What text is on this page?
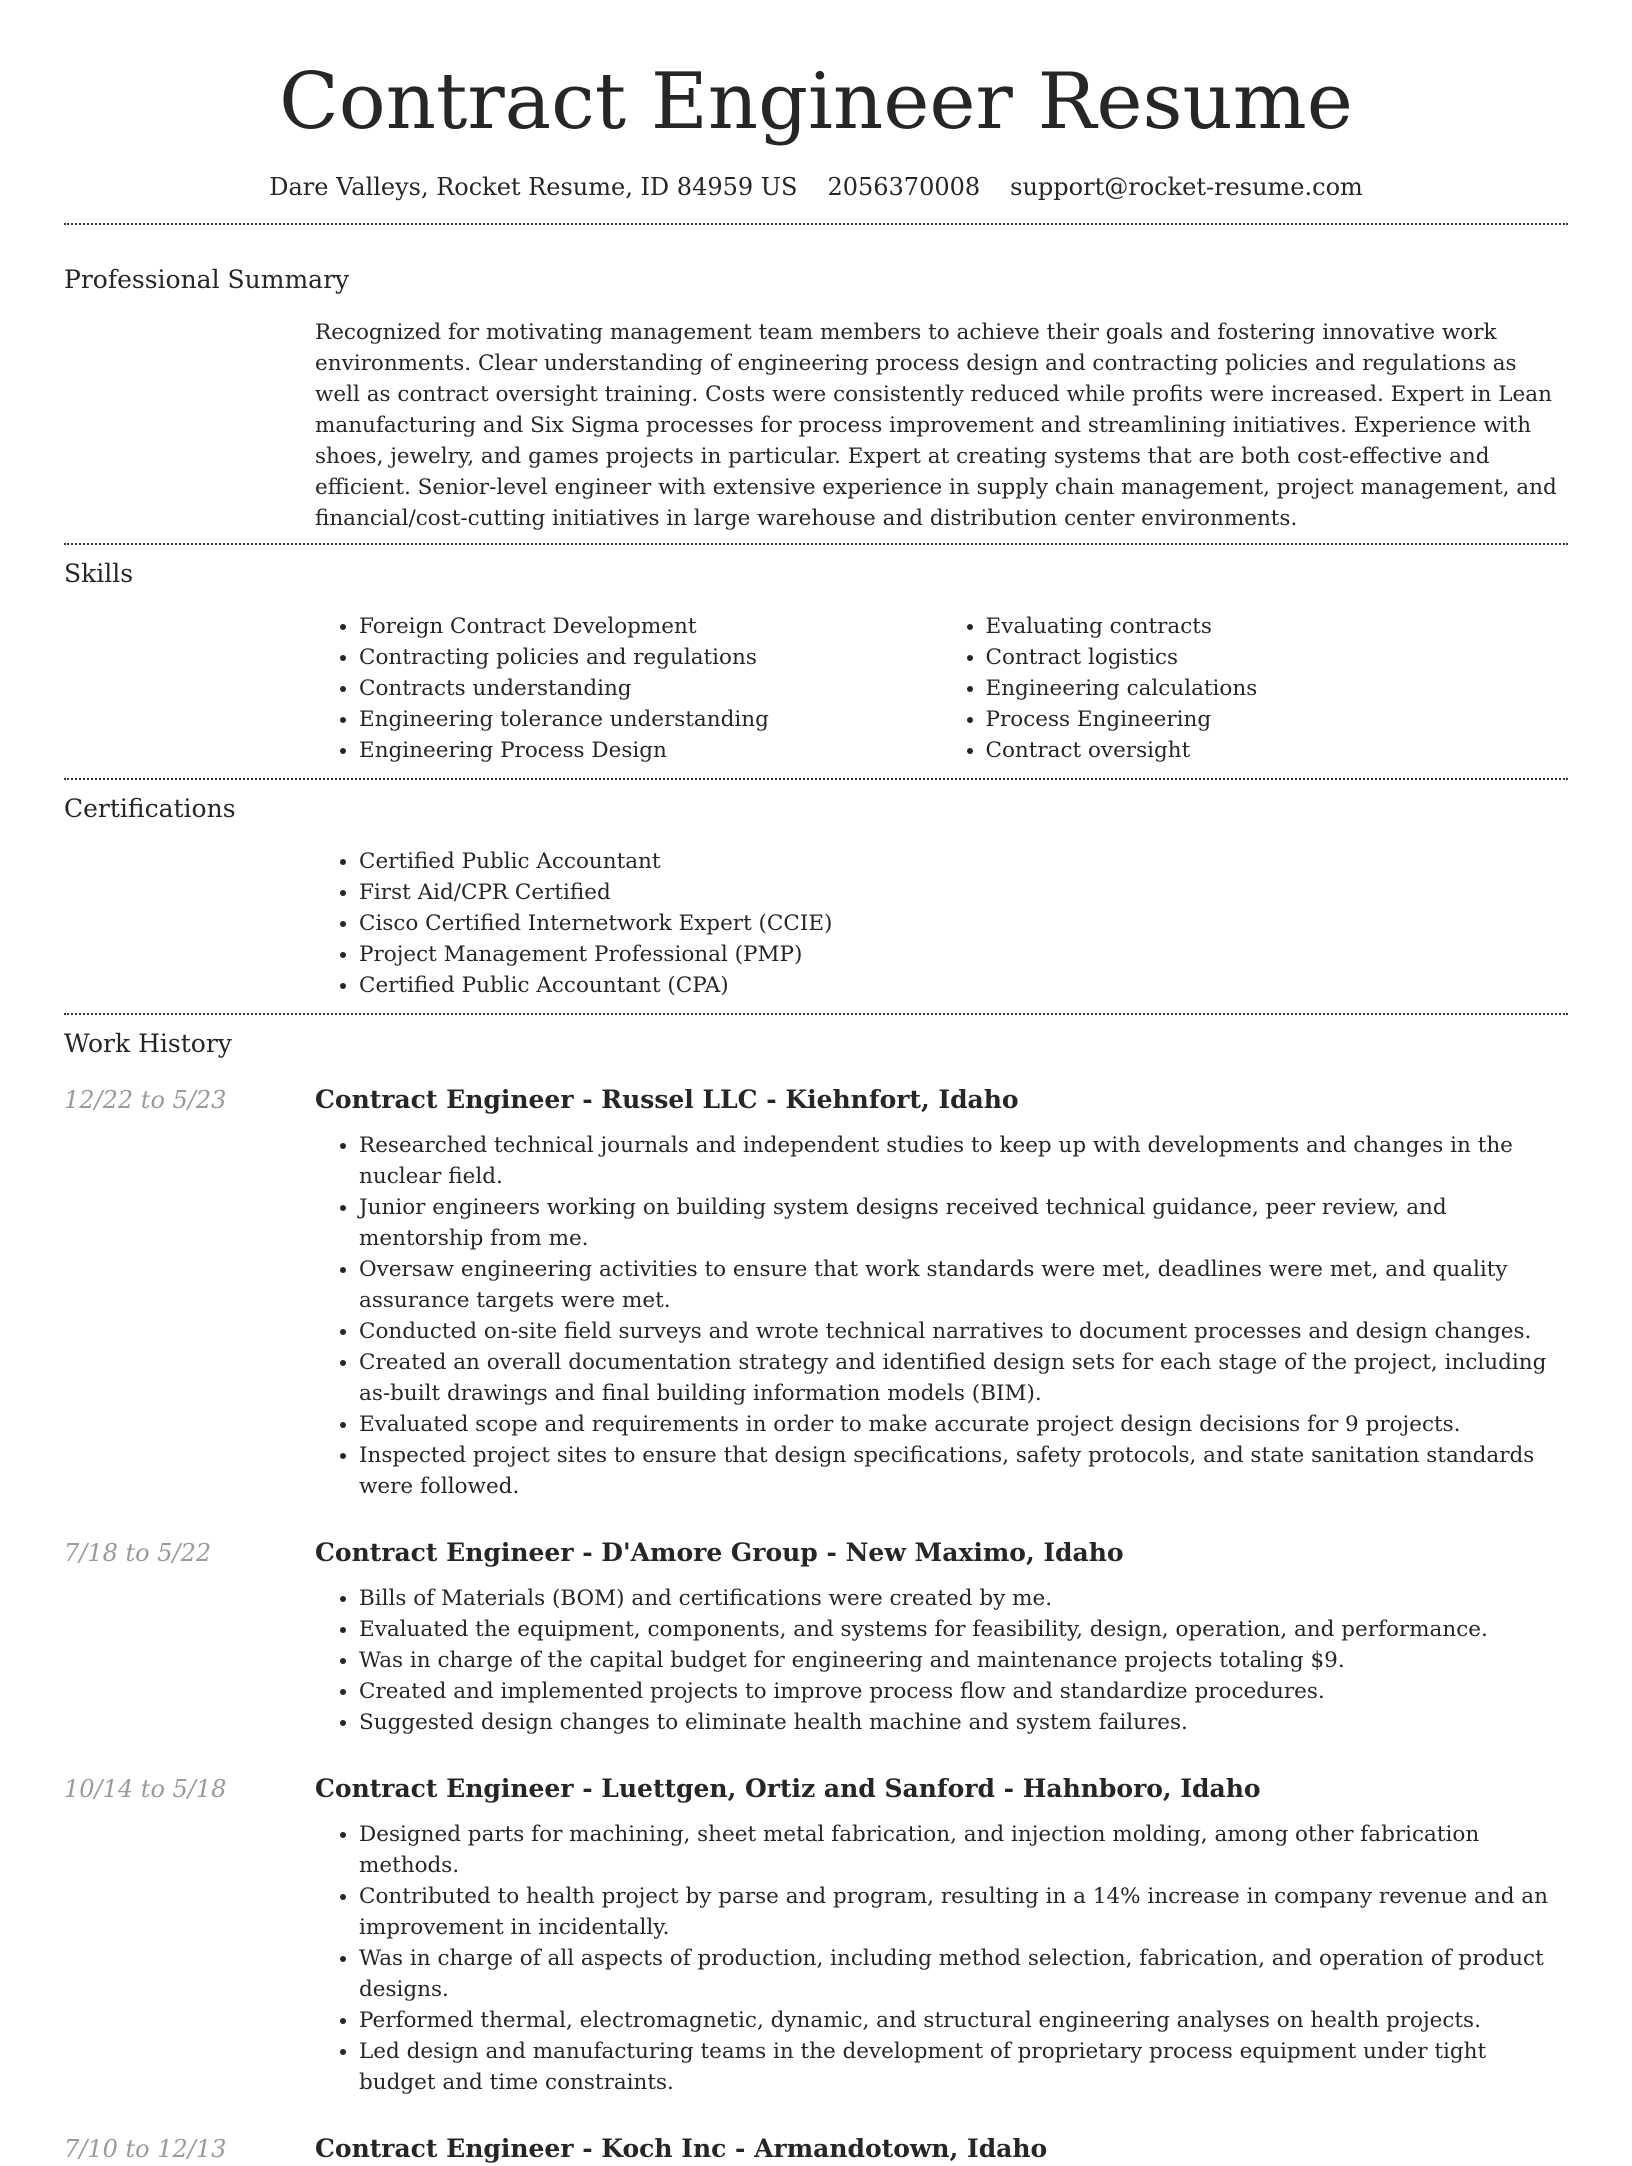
Contract Engineer Resume
Dare Valleys, Rocket Resume, ID 84959 US 2056370008 support@rocket-resume.com
Professional Summary

Recognized for motivating management team members to achieve their goals and fostering innovative work environments. Clear understanding of engineering process design and contracting policies and regulations as well as contract oversight training. Costs were consistently reduced while profits were increased. Expert in Lean manufacturing and Six Sigma processes for process improvement and streamlining initiatives. Experience with shoes, jewelry, and games projects in particular. Expert at creating systems that are both cost-effective and efficient. Senior-level engineer with extensive experience in supply chain management, project management, and financial/cost-cutting initiatives in large warehouse and distribution center environments.

Skills
• Foreign Contract Development
• Contracting policies and regulations
• Contracts understanding
• Engineering tolerance understanding
• Engineering Process Design
• Evaluating contracts
• Contract logistics
• Engineering calculations
• Process Engineering
• Contract oversight
Certifications
• Certified Public Accountant
• First Aid/CPR Certified
• Cisco Certified Internetwork Expert (CCIE)
• Project Management Professional (PMP)
• Certified Public Accountant (CPA)
Work History
12/22 to 5/23	Contract Engineer - Russel LLC - Kiehnfort, Idaho
• Researched technical journals and independent studies to keep up with developments and changes in the nuclear field.
• Junior engineers working on building system designs received technical guidance, peer review, and mentorship from me.
• Oversaw engineering activities to ensure that work standards were met, deadlines were met, and quality assurance targets were met.
• Conducted on-site field surveys and wrote technical narratives to document processes and design changes.
• Created an overall documentation strategy and identified design sets for each stage of the project, including as-built drawings and final building information models (BIM).
• Evaluated scope and requirements in order to make accurate project design decisions for 9 projects.
• Inspected project sites to ensure that design specifications, safety protocols, and state sanitation standards were followed.
7/18 to 5/22	Contract Engineer - D'Amore Group - New Maximo, Idaho
• Bills of Materials (BOM) and certifications were created by me.
• Evaluated the equipment, components, and systems for feasibility, design, operation, and performance.
• Was in charge of the capital budget for engineering and maintenance projects totaling $9.
• Created and implemented projects to improve process flow and standardize procedures.
• Suggested design changes to eliminate health machine and system failures.
10/14 to 5/18	Contract Engineer - Luettgen, Ortiz and Sanford - Hahnboro, Idaho
• Designed parts for machining, sheet metal fabrication, and injection molding, among other fabrication methods.
• Contributed to health project by parse and program, resulting in a 14% increase in company revenue and an improvement in incidentally.
• Was in charge of all aspects of production, including method selection, fabrication, and operation of product designs.
• Performed thermal, electromagnetic, dynamic, and structural engineering analyses on health projects.
• Led design and manufacturing teams in the development of proprietary process equipment under tight budget and time constraints.
7/10 to 12/13	Contract Engineer - Koch Inc - Armandotown, Idaho
